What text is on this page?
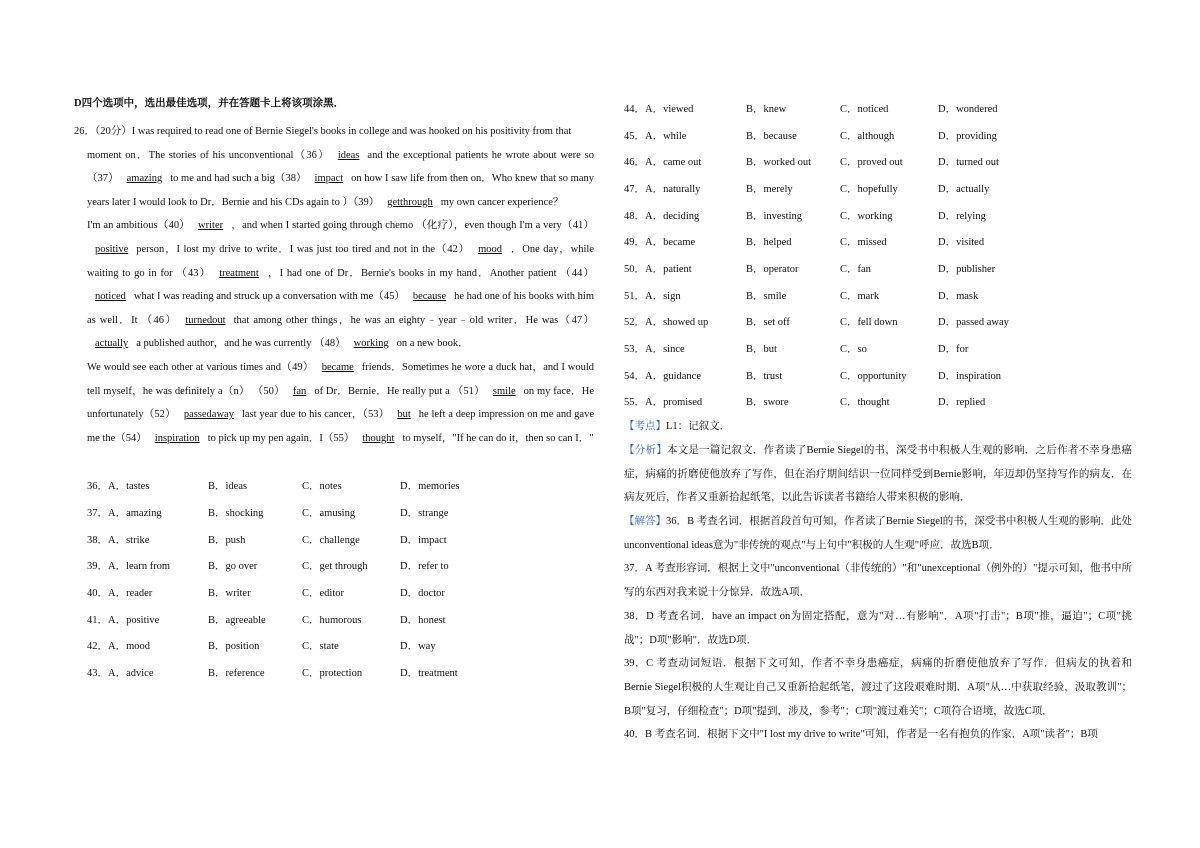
D四个选项中，选出最佳选项，并在答题卡上将该项涂黑．

26．（20分）I was required to read one of Bernie Siegel's books in college and was hooked on his positivity from that

moment on．The stories of his unconventional（36） ideas and the exceptional patients he wrote about were so（37） amazing to me and had such a big（38） impact on how I saw life from then on．Who knew that so many years later I would look to Dr．Bernie and his CDs again to ）（39） getthrough my own cancer experience？

I'm an ambitious（40） writer ，and when I started going through chemo （化疗），even though I'm a very（41）positive person，I lost my drive to write．I was just too tired and not in the（42） mood ．One day，while waiting to go in for （43） treatment ，I had one of Dr．Bernie's books in my hand．Another patient （44）noticed what I was reading and struck up a conversation with me（45） because he had one of his books with him as well．It （46） turnedout that among other things，he was an eighty﹣year﹣old writer．He was（47）actually a published author，and he was currently （48） working on a new book．

We would see each other at various times and（49） became friends．Sometimes he wore a duck hat，and I would tell myself，he was definitely a（n） （50） fan of Dr．Bernie．He really put a （51） smile on my face．He unfortunately（52） passedaway last year due to his cancer，（53） but he left a deep impression on me and gave me the（54） inspiration to pick up my pen again．I（55） thought to myself，"If he can do it，then so can I．"

36．A．tastes	B．ideas	C．notes	D．memories
37．A．amazing	B．shocking	C．amusing	D．strange
38．A．strike	B．push	C．challenge	D．impact
39．A．learn from	B．go over	C．get through	D．refer to
40．A．reader	B．writer	C．editor	D．doctor
41．A．positive	B．agreeable	C．humorous	D．honest
42．A．mood	B．position	C．state	D．way
43．A．advice	B．reference	C．protection	D．treatment
44．A．viewed	B．knew	C．noticed	D．wondered
45．A．while	B．because	C．although	D．providing
46．A．came out	B．worked out	C．proved out	D．turned out
47．A．naturally	B．merely	C．hopefully	D．actually
48．A．deciding	B．investing	C．working	D．relying
49．A．became	B．helped	C．missed	D．visited
50．A．patient	B．operator	C．fan	D．publisher
51．A．sign	B．smile	C．mark	D．mask
52．A．showed up	B．set off	C．fell down	D．passed away
53．A．since	B．but	C．so	D．for
54．A．guidance	B．trust	C．opportunity	D．inspiration
55．A．promised	B．swore	C．thought	D．replied

【考点】L1：记叙文．

【分析】本文是一篇记叙文．作者读了Bernie Siegel的书，深受书中积极人生观的影响．之后作者不幸身患癌症，病痛的折磨使他放弃了写作，但在治疗期间结识一位同样受到Bernie影响，年迈却仍坚持写作的病友．在病友死后，作者又重新拾起纸笔，以此告诉读者书籍给人带来积极的影响．

【解答】36．B 考查名词．根据首段首句可知，作者读了Bernie Siegel的书，深受书中积极人生观的影响．此处unconventional ideas意为"非传统的观点"与上句中"积极的人生观"呼应．故选B项．

37．A 考查形容词．根据上文中"unconventional（非传统的）"和"unexceptional（例外的）"提示可知，他书中所写的东西对我来说十分惊异．故选A项．

38．D 考查名词．have an impact on为固定搭配，意为"对…有影响"．A项"打击"；B项"推，逼迫"；C项"挑战"；D项"影响"．故选D项．

39．C 考查动词短语．根据下文可知，作者不幸身患癌症，病痛的折磨使他放弃了写作．但病友的执着和Bernie Siegel积极的人生观让自己又重新拾起纸笔，渡过了这段艰难时期．A项"从…中获取经验，汲取教训"；B项"复习，仔细检查"；D项"提到，涉及，参考"；C项"渡过难关"；C项符合语境，故选C项．

40．B 考查名词．根据下文中"I lost my drive to write"可知，作者是一名有抱负的作家．A项"读者"；B项
